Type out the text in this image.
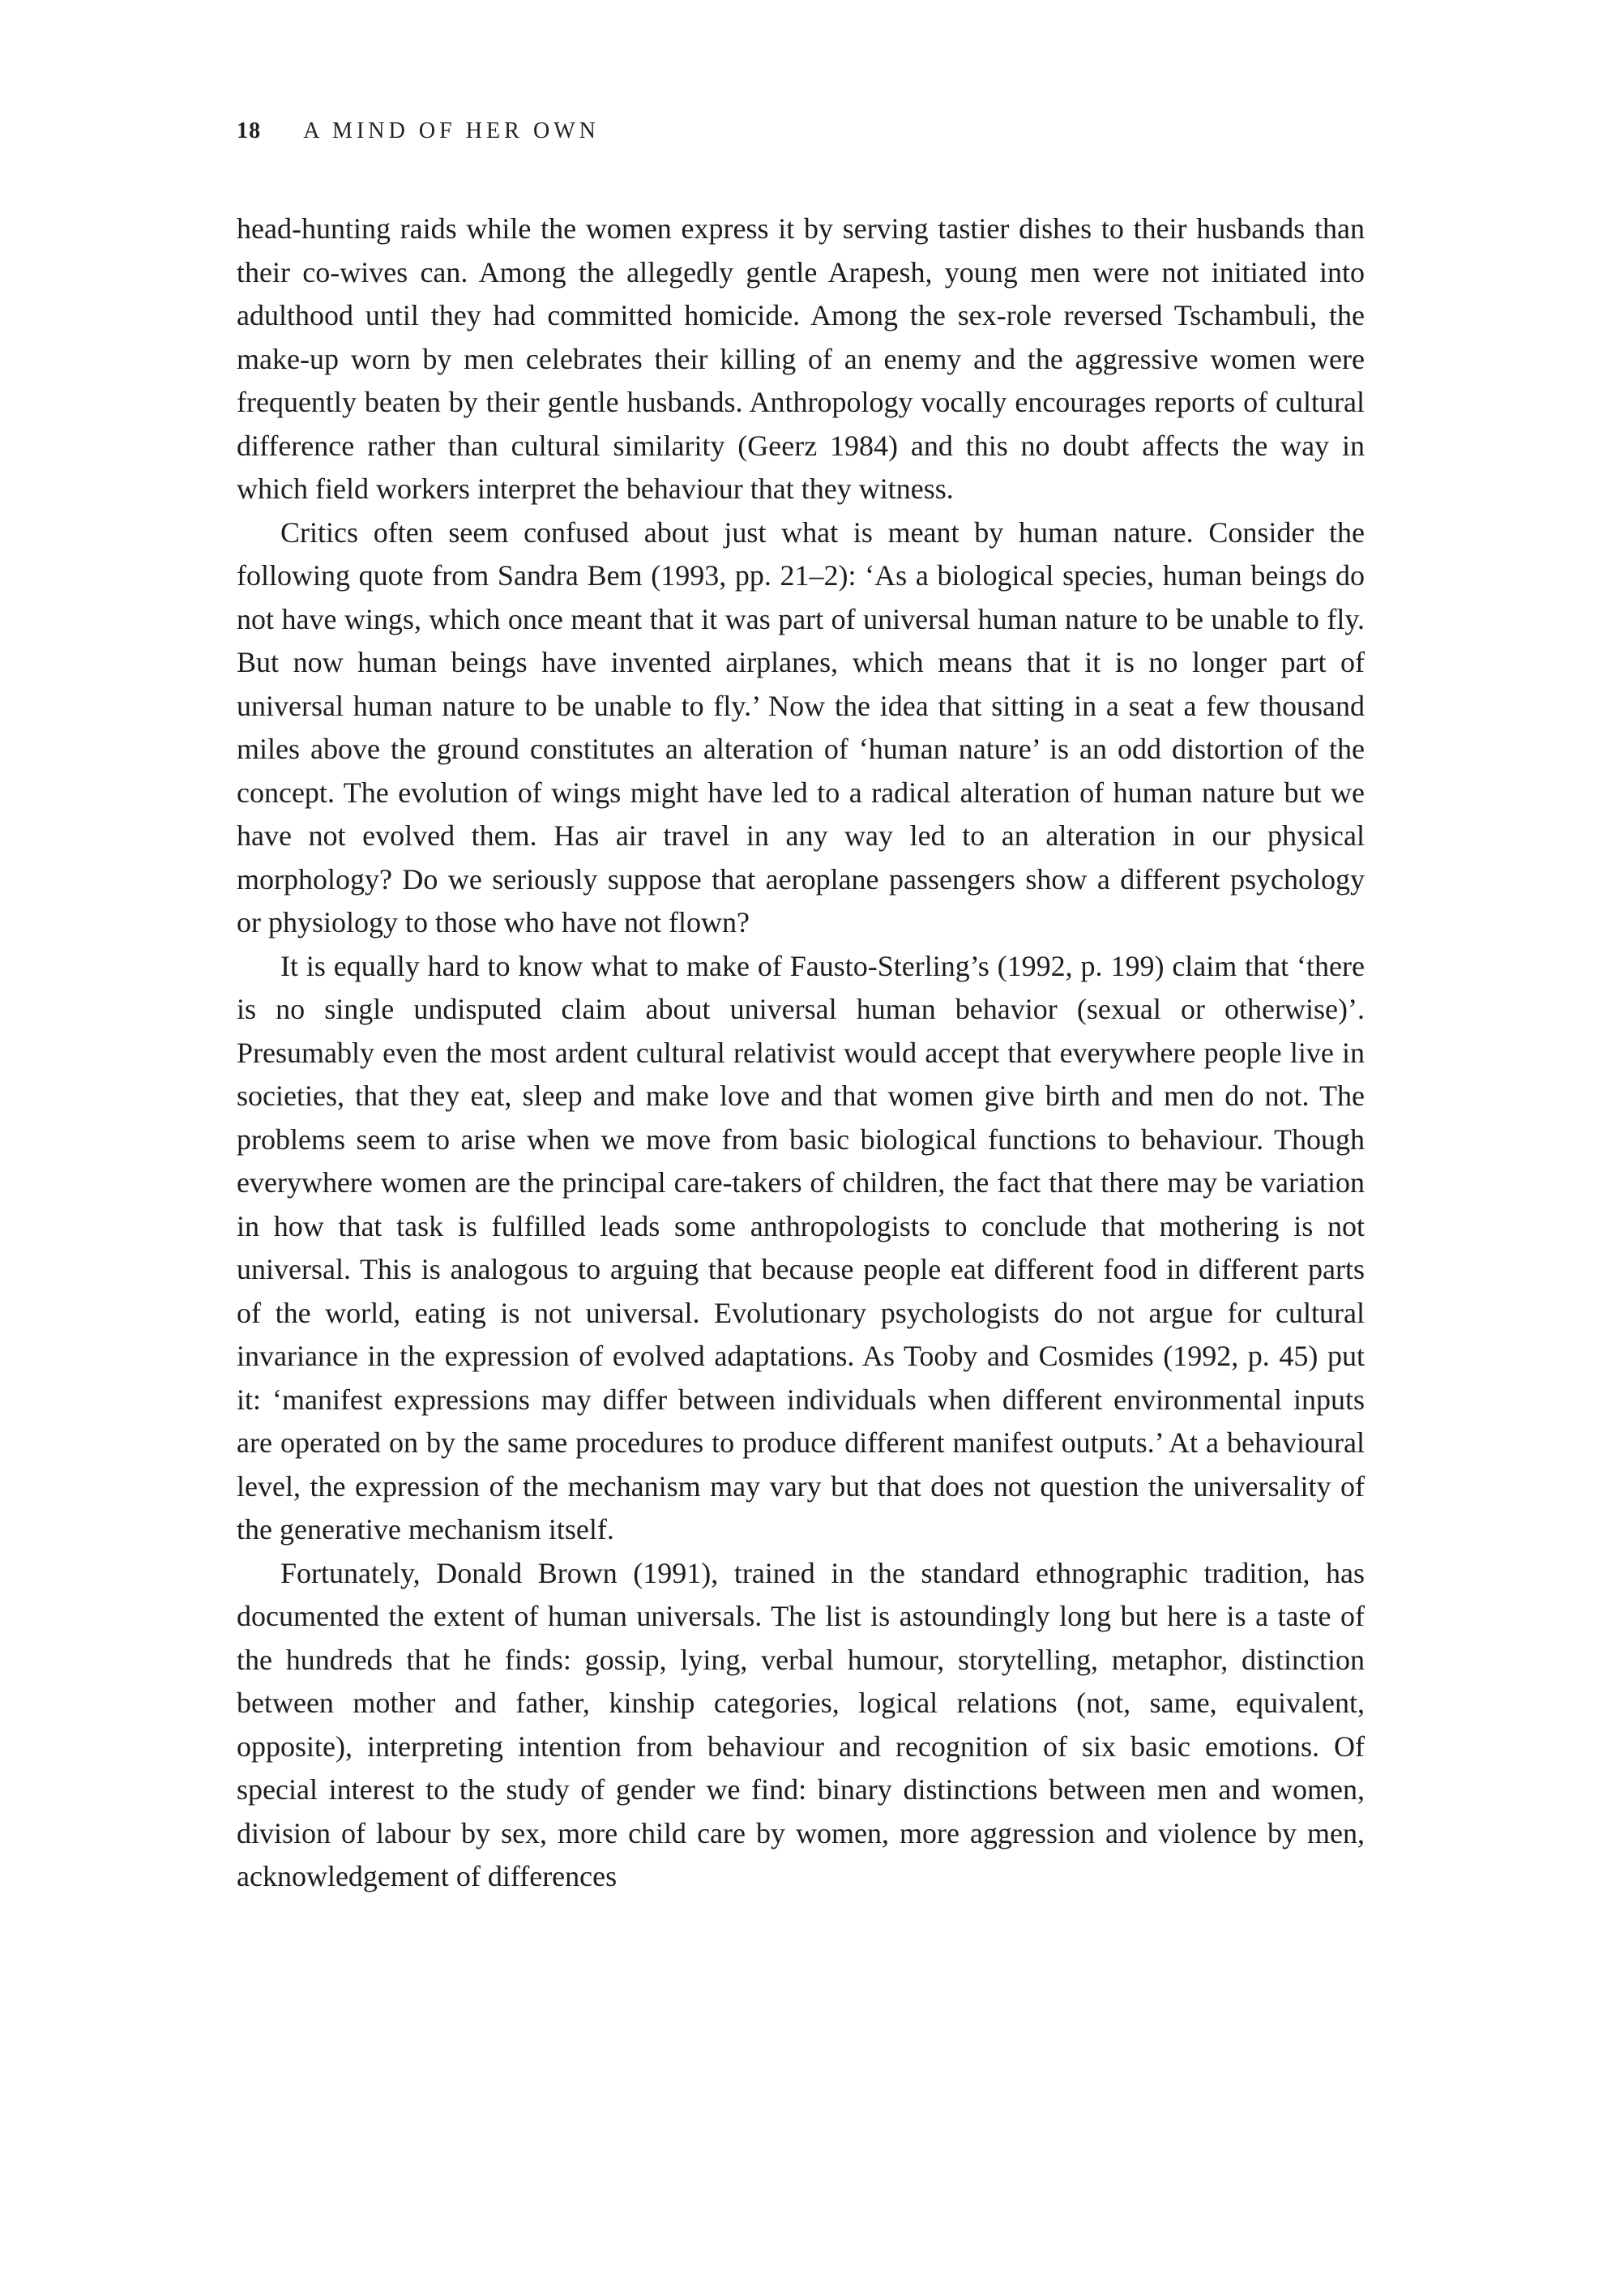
18 A MIND OF HER OWN

head-hunting raids while the women express it by serving tastier dishes to their husbands than their co-wives can. Among the allegedly gentle Arapesh, young men were not initiated into adulthood until they had committed homicide. Among the sex-role reversed Tschambuli, the make-up worn by men celebrates their killing of an enemy and the aggressive women were frequently beaten by their gentle husbands. Anthropology vocally encourages reports of cultural difference rather than cultural similarity (Geerz 1984) and this no doubt affects the way in which field workers interpret the behaviour that they witness.

Critics often seem confused about just what is meant by human nature. Consider the following quote from Sandra Bem (1993, pp. 21–2): ‘As a biological species, human beings do not have wings, which once meant that it was part of universal human nature to be unable to fly. But now human beings have invented airplanes, which means that it is no longer part of universal human nature to be unable to fly.’ Now the idea that sitting in a seat a few thousand miles above the ground constitutes an alteration of ‘human nature’ is an odd distortion of the concept. The evolution of wings might have led to a radical alteration of human nature but we have not evolved them. Has air travel in any way led to an alteration in our physical morphology? Do we seriously suppose that aeroplane passengers show a different psychology or physiology to those who have not flown?

It is equally hard to know what to make of Fausto-Sterling’s (1992, p. 199) claim that ‘there is no single undisputed claim about universal human behavior (sexual or otherwise)’. Presumably even the most ardent cultural relativist would accept that everywhere people live in societies, that they eat, sleep and make love and that women give birth and men do not. The problems seem to arise when we move from basic biological functions to behaviour. Though everywhere women are the principal care-takers of children, the fact that there may be variation in how that task is fulfilled leads some anthropologists to conclude that mothering is not universal. This is analogous to arguing that because people eat different food in different parts of the world, eating is not universal. Evolutionary psychologists do not argue for cultural invariance in the expression of evolved adaptations. As Tooby and Cosmides (1992, p. 45) put it: ‘manifest expressions may differ between individuals when different environmental inputs are operated on by the same procedures to produce different manifest outputs.’ At a behavioural level, the expression of the mechanism may vary but that does not question the universality of the generative mechanism itself.

Fortunately, Donald Brown (1991), trained in the standard ethnographic tradition, has documented the extent of human universals. The list is astoundingly long but here is a taste of the hundreds that he finds: gossip, lying, verbal humour, storytelling, metaphor, distinction between mother and father, kinship categories, logical relations (not, same, equivalent, opposite), interpreting intention from behaviour and recognition of six basic emotions. Of special interest to the study of gender we find: binary distinctions between men and women, division of labour by sex, more child care by women, more aggression and violence by men, acknowledgement of differences
